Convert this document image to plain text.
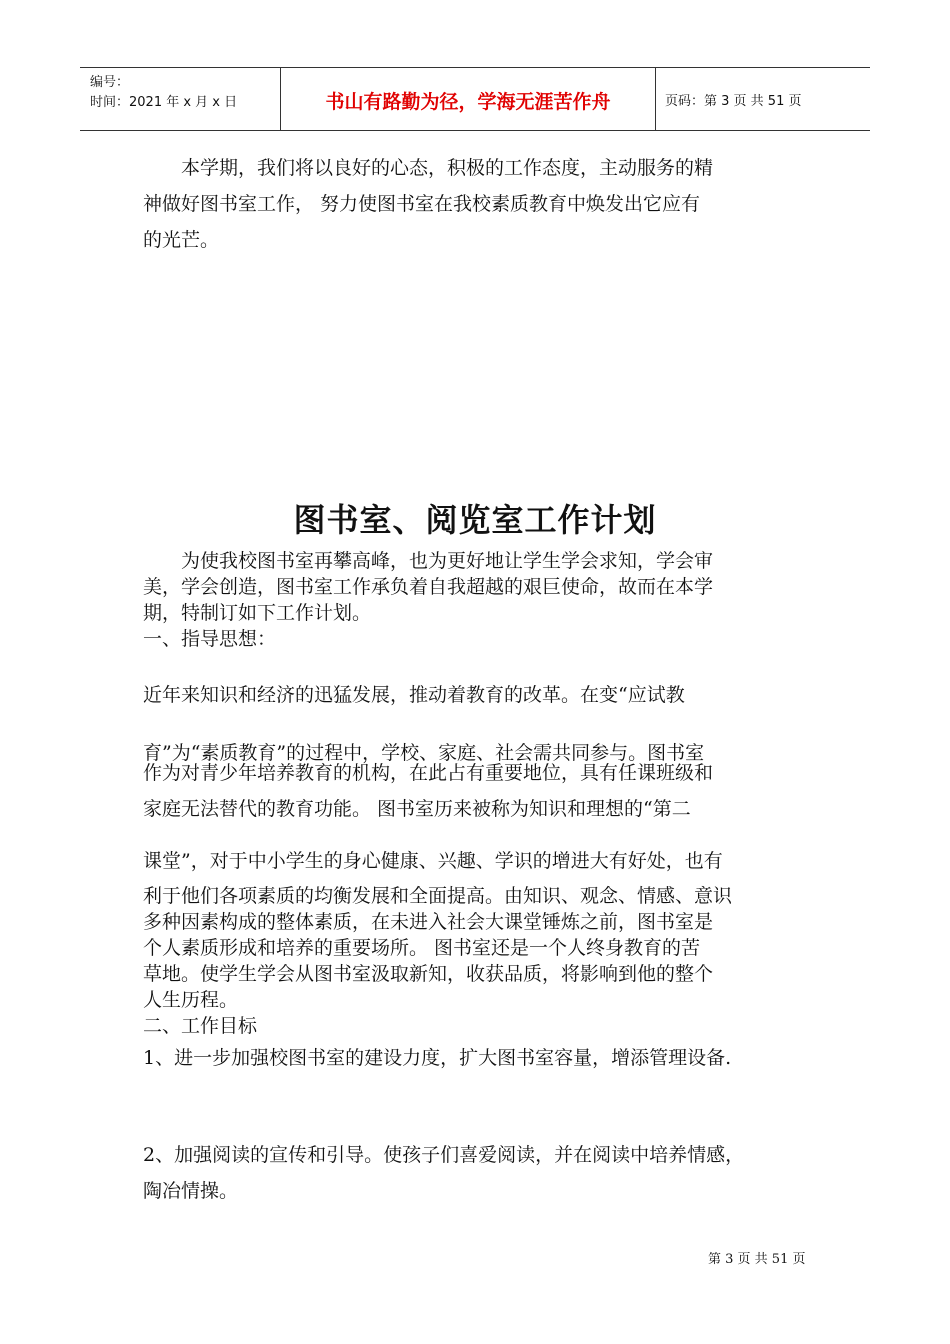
编号：
时间：2021 年 x 月 x 日	书山有路勤为径，学海无涯苦作舟	页码：第 3 页 共 51 页
本学期，我们将以良好的心态，积极的工作态度，主动服务的精
神做好图书室工作， 努力使图书室在我校素质教育中焕发出它应有
的光芒。
图书室、阅览室工作计划
为使我校图书室再攀高峰，也为更好地让学生学会求知，学会审
美，学会创造，图书室工作承负着自我超越的艰巨使命，故而在本学
期，特制订如下工作计划。
一、指导思想：
近年来知识和经济的迅猛发展，推动着教育的改革。在变“应试教
育”为“素质教育”的过程中，学校、家庭、社会需共同参与。图书室
作为对青少年培养教育的机构，在此占有重要地位，具有任课班级和
家庭无法替代的教育功能。 图书室历来被称为知识和理想的“第二
课堂”，对于中小学生的身心健康、兴趣、学识的增进大有好处，也有
利于他们各项素质的均衡发展和全面提高。由知识、观念、情感、意识
多种因素构成的整体素质，在未进入社会大课堂锤炼之前，图书室是
个人素质形成和培养的重要场所。 图书室还是一个人终身教育的苦
草地。使学生学会从图书室汲取新知，收获品质，将影响到他的整个
人生历程。
二、工作目标
1、进一步加强校图书室的建设力度，扩大图书室容量，增添管理设备.
2、加强阅读的宣传和引导。使孩子们喜爱阅读，并在阅读中培养情感，
陶冶情操。
第 3 页 共 51 页
